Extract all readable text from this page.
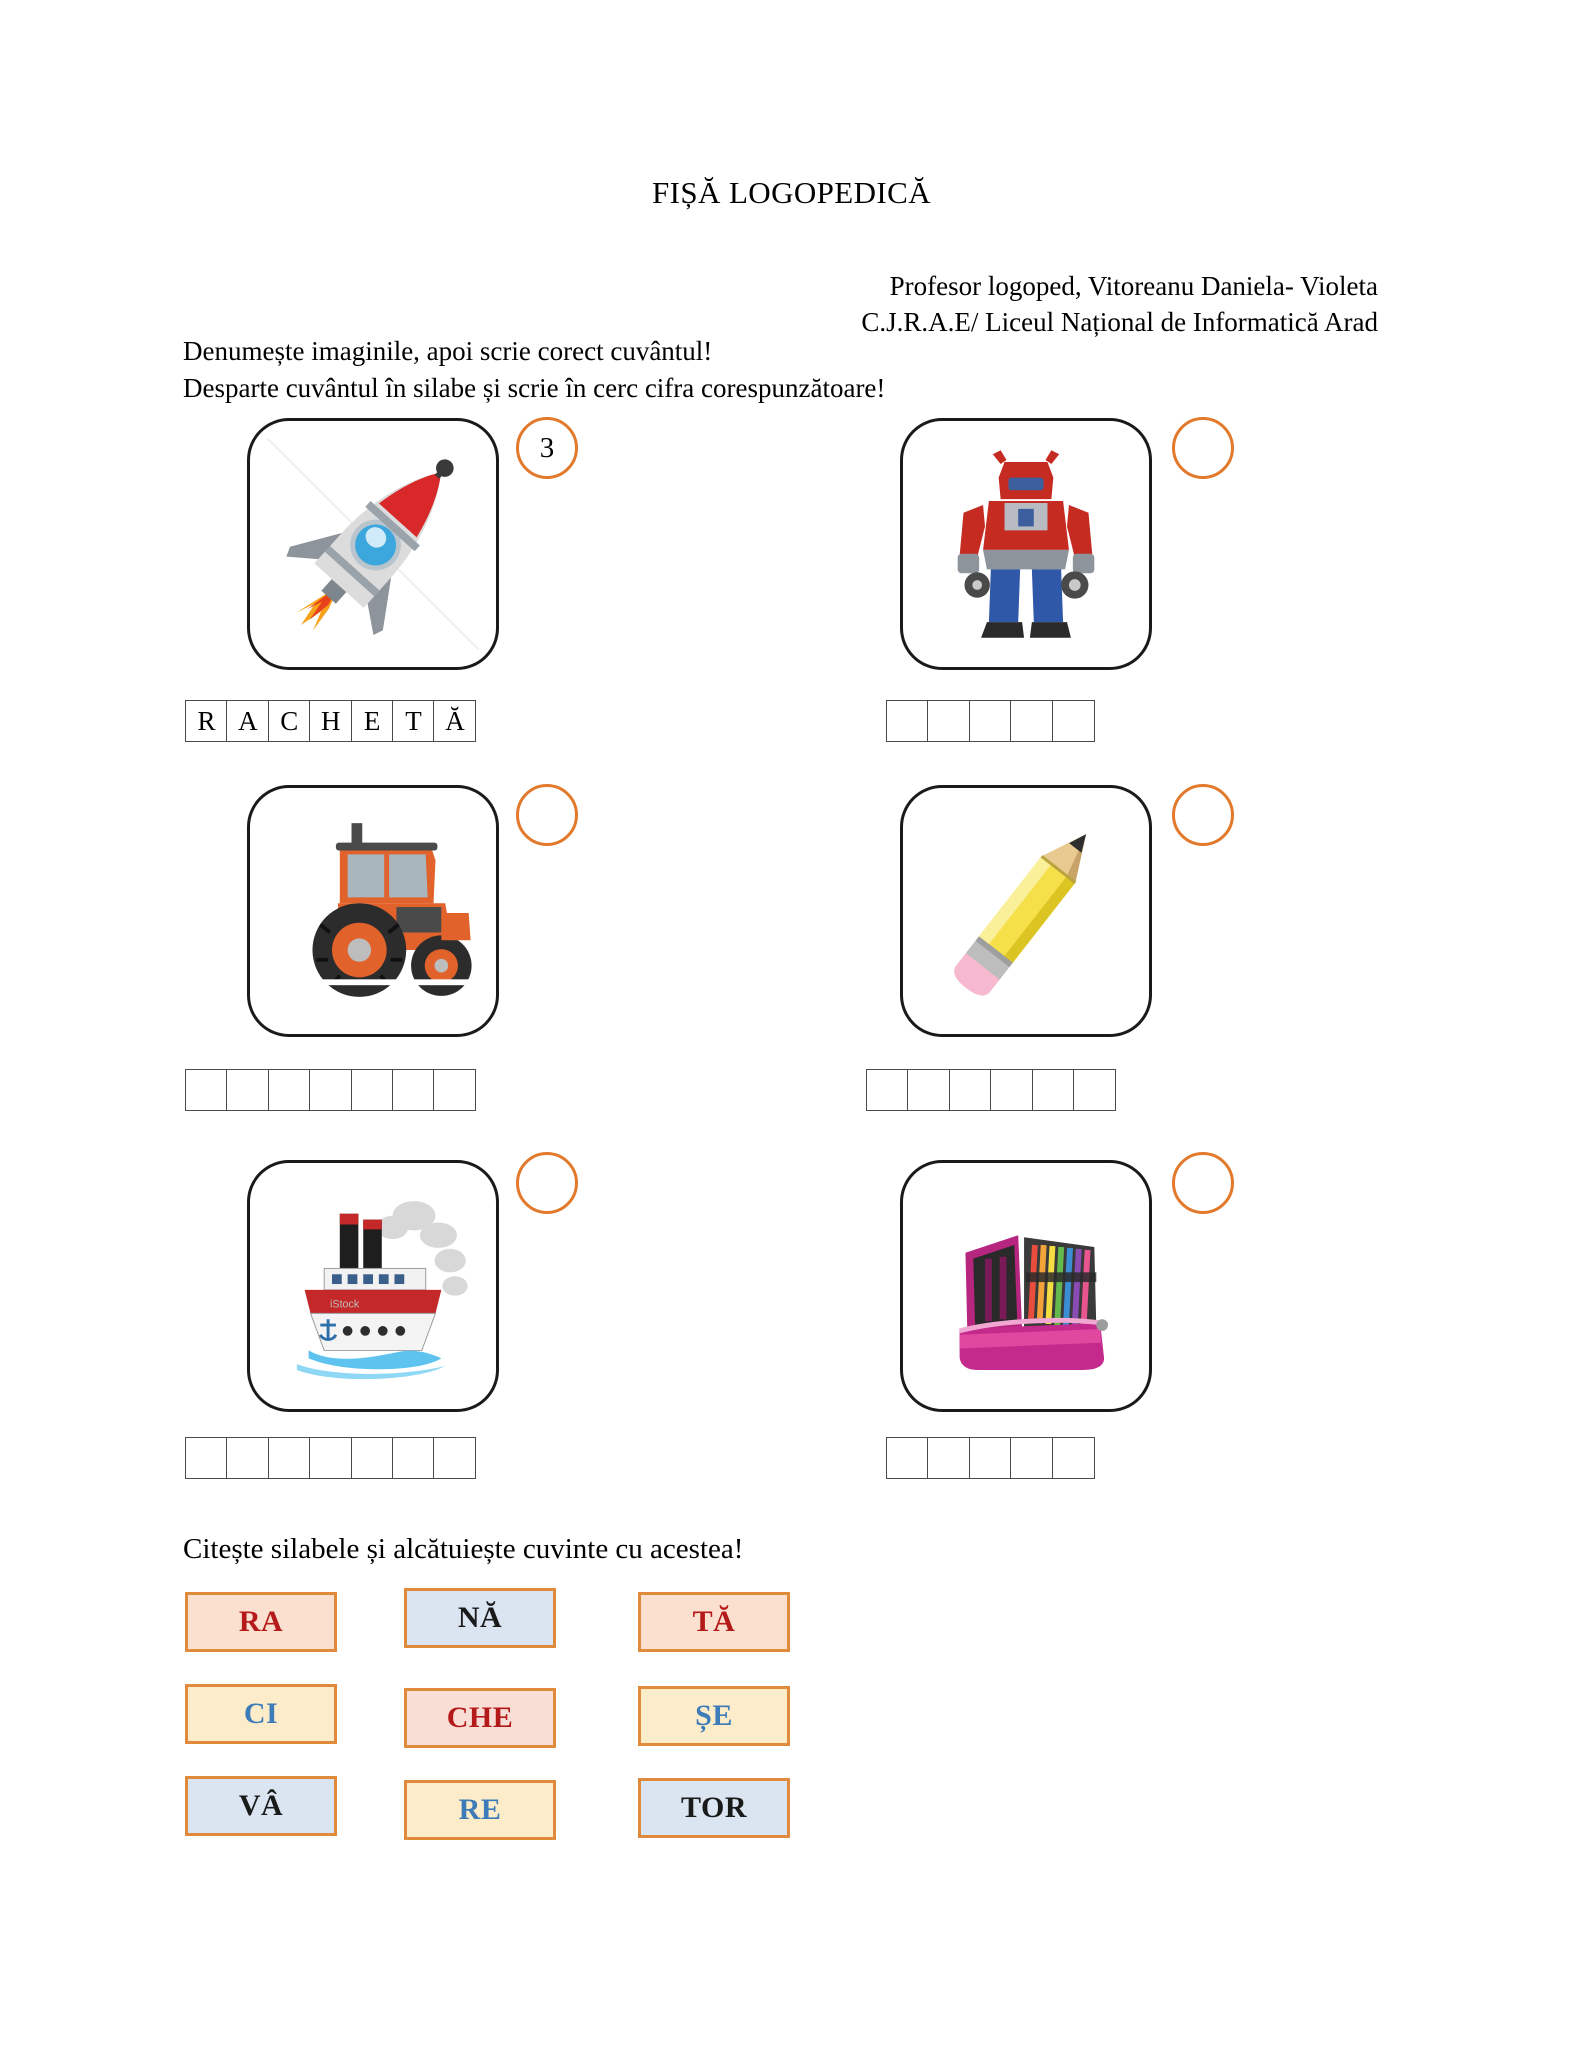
FIȘĂ LOGOPEDICĂ
Profesor logoped, Vitoreanu Daniela- Violeta
C.J.R.A.E/ Liceul Național de Informatică Arad
Denumește imaginile, apoi scrie corect cuvântul!
Desparte cuvântul în silabe și scrie în cerc cifra corespunzătoare!
3
R A C H E T Ă
iStock
Citește silabele și alcătuiește cuvinte cu acestea!
RA	NĂ	TĂ
CI	CHE	ȘE
VÂ	RE	TOR
